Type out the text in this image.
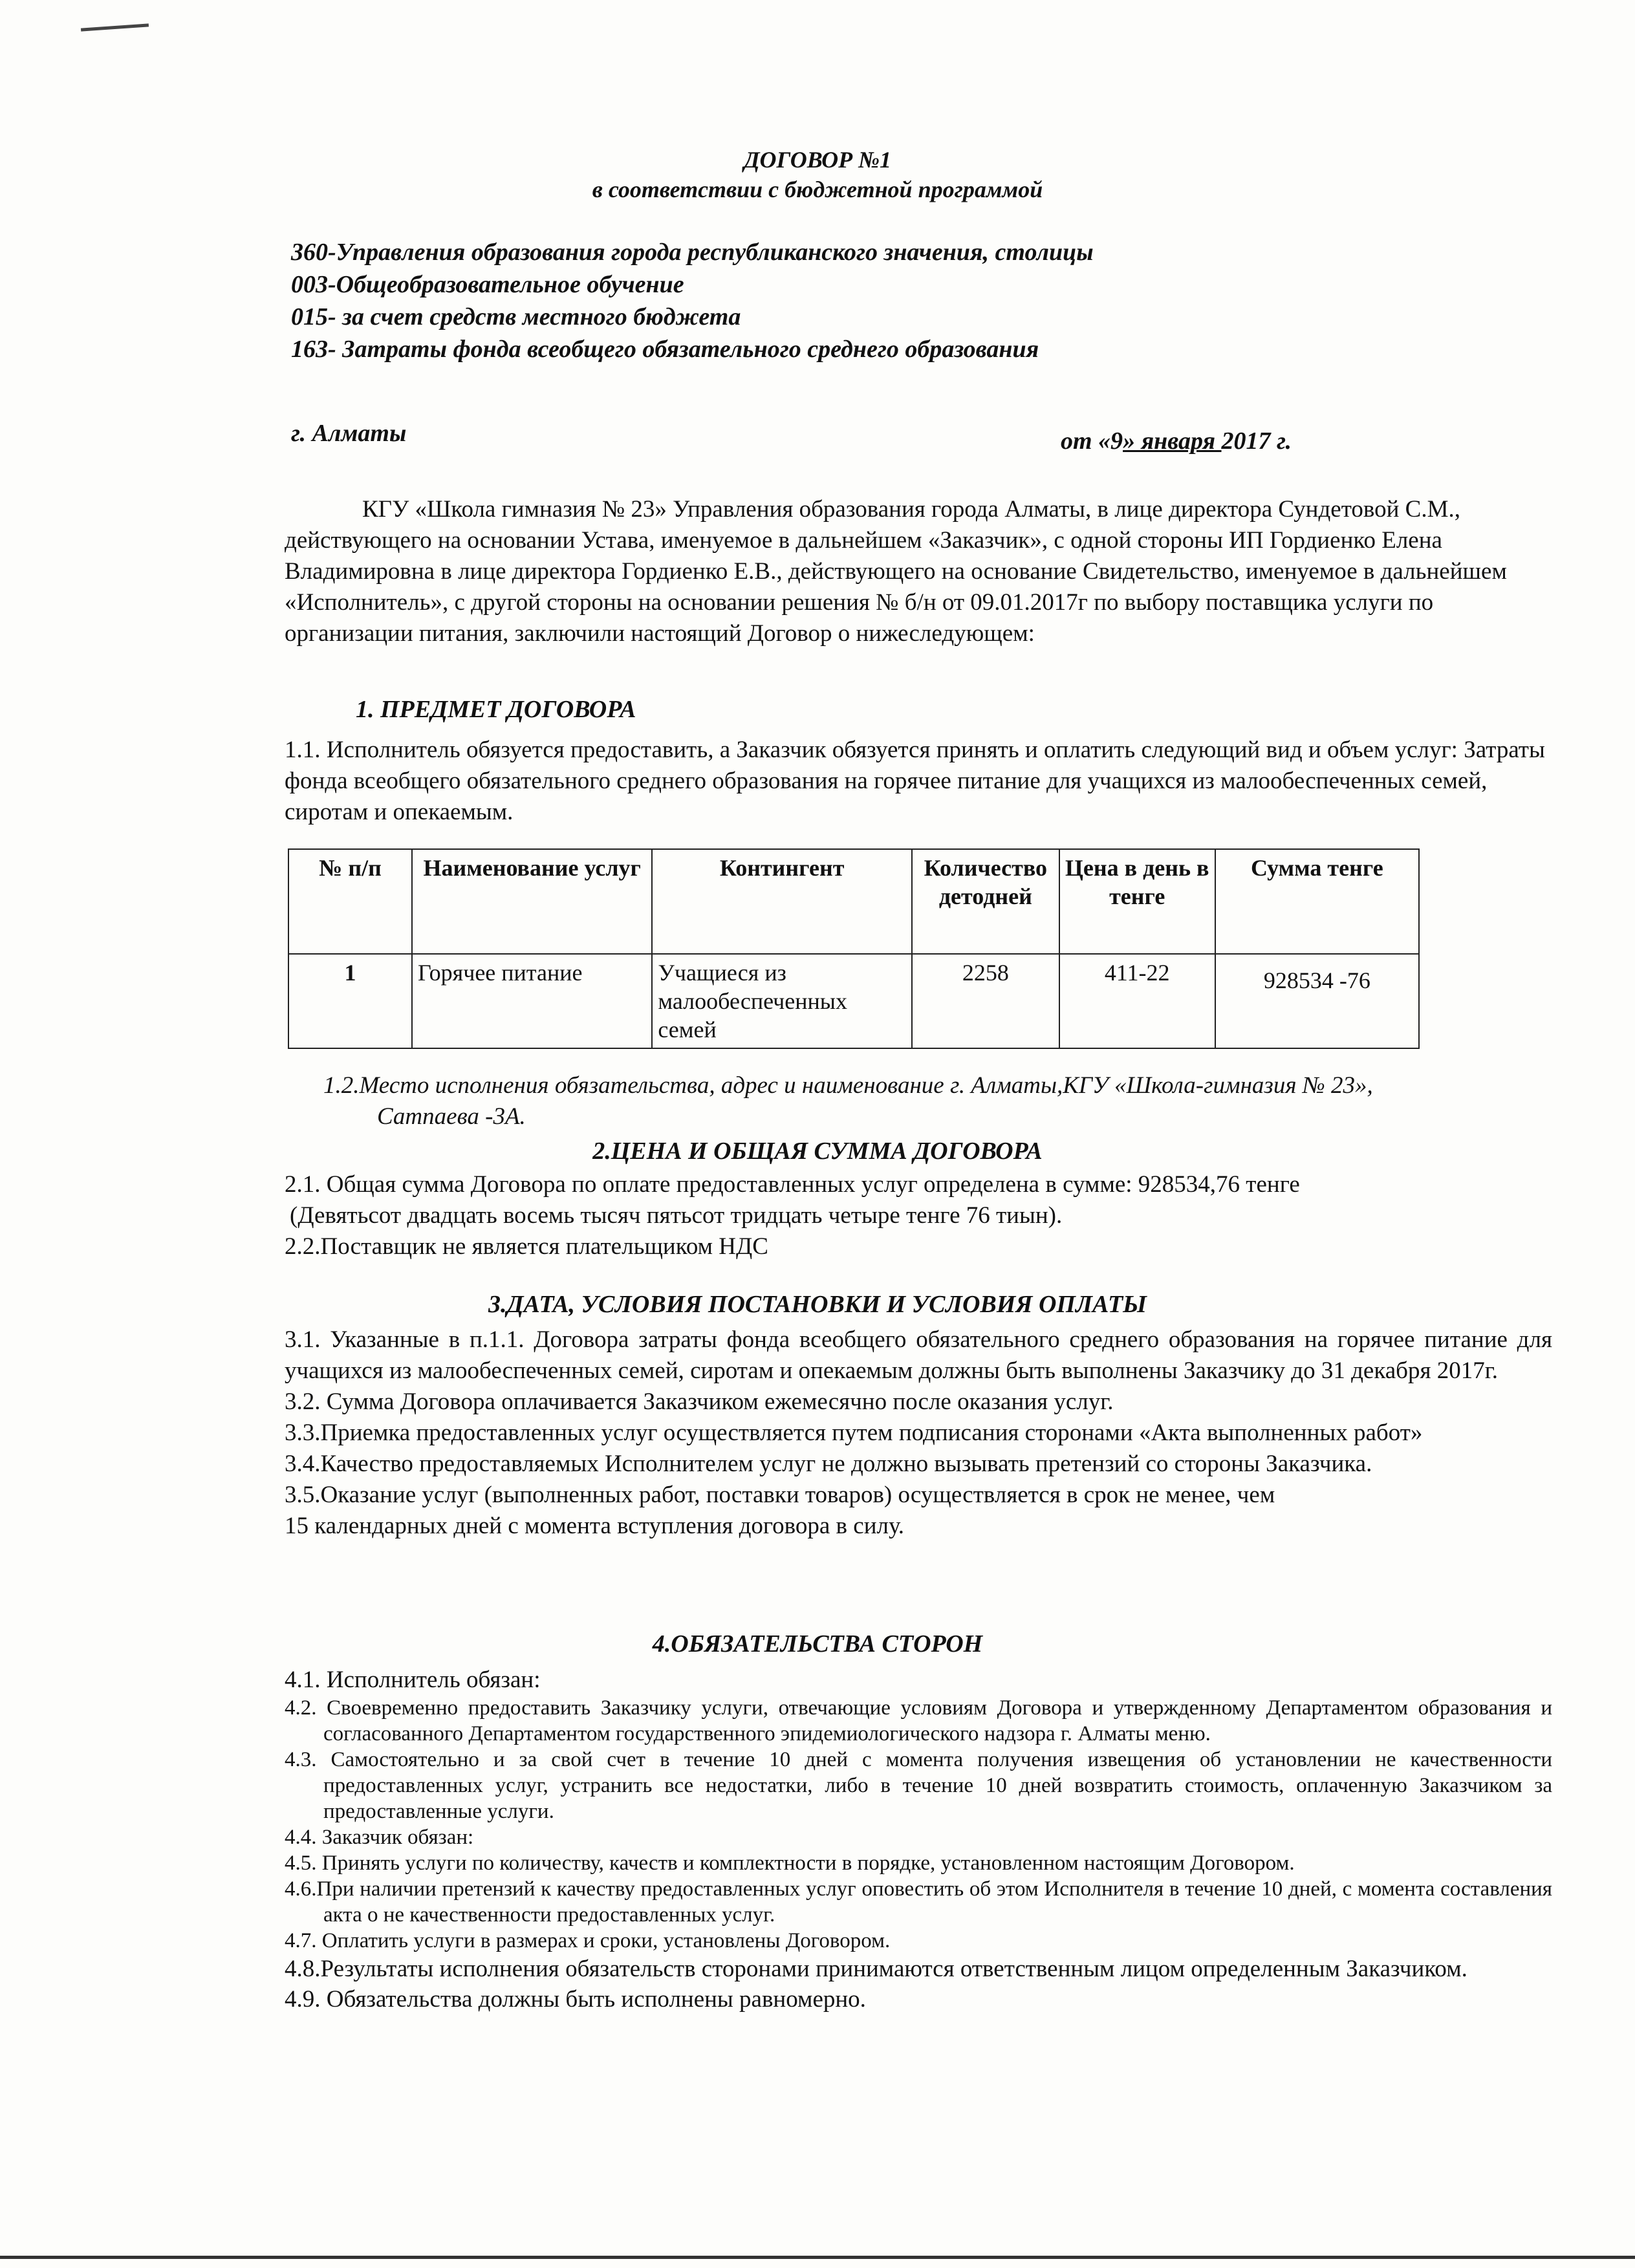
ДОГОВОР №1
в соответствии с бюджетной программой
360-Управления образования города республиканского значения, столицы
003-Общеобразовательное обучение
015- за счет средств местного бюджета
163- Затраты фонда всеобщего обязательного среднего образования
г. Алматы	от «9» января 2017 г.
КГУ «Школа гимназия № 23» Управления образования города Алматы, в лице директора Сундетовой С.М., действующего на основании Устава, именуемое в дальнейшем «Заказчик», с одной стороны ИП Гордиенко Елена Владимировна в лице директора Гордиенко Е.В., действующего на основание Свидетельство, именуемое в дальнейшем «Исполнитель», с другой стороны на основании решения № б/н от 09.01.2017г по выбору поставщика услуги по организации питания, заключили настоящий Договор о нижеследующем:
1. ПРЕДМЕТ ДОГОВОРА
1.1. Исполнитель обязуется предоставить, а Заказчик обязуется принять и оплатить следующий вид и объем услуг: Затраты фонда всеобщего обязательного среднего образования на горячее питание для учащихся из малообеспеченных семей, сиротам и опекаемым.
№ п/п	Наименование услуг	Контингент	Количество детодней	Цена в день в тенге	Сумма тенге
1	Горячее питание	Учащиеся из малообеспеченных семей	2258	411-22	928534 -76
1.2.Место исполнения обязательства, адрес и наименование г. Алматы,КГУ «Школа-гимназия № 23»,
Сатпаева -3А.
2.ЦЕНА И ОБЩАЯ СУММА ДОГОВОРА
2.1. Общая сумма Договора по оплате предоставленных услуг определена в сумме: 928534,76 тенге
(Девятьсот двадцать восемь тысяч пятьсот тридцать четыре тенге 76 тиын).
2.2.Поставщик не является плательщиком НДС
3.ДАТА, УСЛОВИЯ ПОСТАНОВКИ И УСЛОВИЯ ОПЛАТЫ
3.1. Указанные в п.1.1. Договора затраты фонда всеобщего обязательного среднего образования на горячее питание для учащихся из малообеспеченных семей, сиротам и опекаемым должны быть выполнены Заказчику до 31 декабря 2017г.
3.2. Сумма Договора оплачивается Заказчиком ежемесячно после оказания услуг.
3.3.Приемка предоставленных услуг осуществляется путем подписания сторонами «Акта выполненных работ»
3.4.Качество предоставляемых Исполнителем услуг не должно вызывать претензий со стороны Заказчика.
3.5.Оказание услуг (выполненных работ, поставки товаров) осуществляется в срок не менее, чем
15 календарных дней с момента вступления договора в силу.
4.ОБЯЗАТЕЛЬСТВА СТОРОН
4.1. Исполнитель обязан:
4.2. Своевременно предоставить Заказчику услуги, отвечающие условиям Договора и утвержденному Департаментом образования и согласованного Департаментом государственного эпидемиологического надзора г. Алматы меню.
4.3. Самостоятельно и за свой счет в течение 10 дней с момента получения извещения об установлении не качественности предоставленных услуг, устранить все недостатки, либо в течение 10 дней возвратить стоимость, оплаченную Заказчиком за предоставленные услуги.
4.4. Заказчик обязан:
4.5. Принять услуги по количеству, качеств и комплектности в порядке, установленном настоящим Договором.
4.6.При наличии претензий к качеству предоставленных услуг оповестить об этом Исполнителя в течение 10 дней, с момента составления акта о не качественности предоставленных услуг.
4.7. Оплатить услуги в размерах и сроки, установлены Договором.
4.8.Результаты исполнения обязательств сторонами принимаются ответственным лицом определенным Заказчиком.
4.9. Обязательства должны быть исполнены равномерно.
